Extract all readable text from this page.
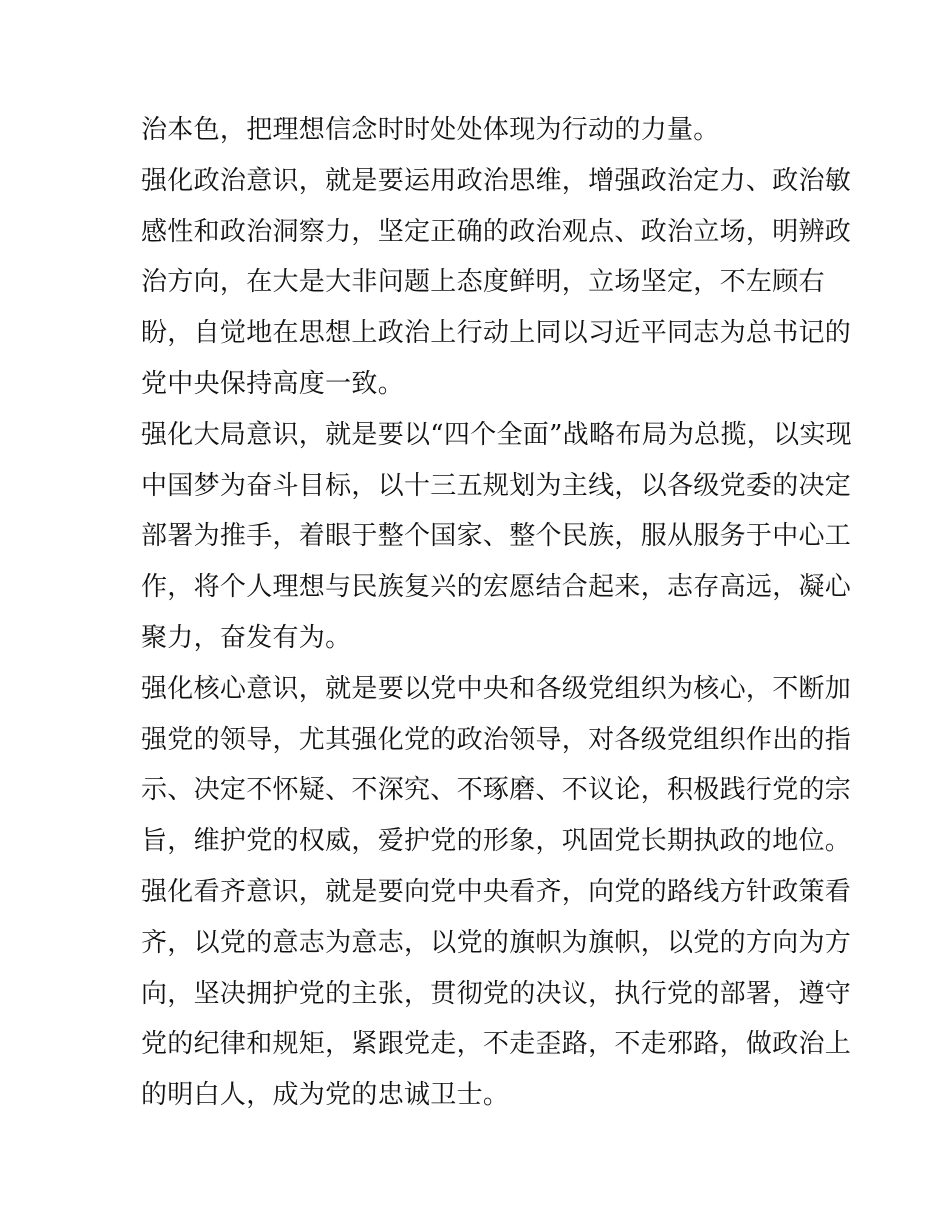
治本色，把理想信念时时处处体现为行动的力量。
强化政治意识，就是要运用政治思维，增强政治定力、政治敏
感性和政治洞察力，坚定正确的政治观点、政治立场，明辨政
治方向，在大是大非问题上态度鲜明，立场坚定，不左顾右
盼，自觉地在思想上政治上行动上同以习近平同志为总书记的
党中央保持高度一致。
强化大局意识，就是要以“四个全面”战略布局为总揽，以实现
中国梦为奋斗目标，以十三五规划为主线，以各级党委的决定
部署为推手，着眼于整个国家、整个民族，服从服务于中心工
作，将个人理想与民族复兴的宏愿结合起来，志存高远，凝心
聚力，奋发有为。
强化核心意识，就是要以党中央和各级党组织为核心，不断加
强党的领导，尤其强化党的政治领导，对各级党组织作出的指
示、决定不怀疑、不深究、不琢磨、不议论，积极践行党的宗
旨，维护党的权威，爱护党的形象，巩固党长期执政的地位。
强化看齐意识，就是要向党中央看齐，向党的路线方针政策看
齐，以党的意志为意志，以党的旗帜为旗帜，以党的方向为方
向，坚决拥护党的主张，贯彻党的决议，执行党的部署，遵守
党的纪律和规矩，紧跟党走，不走歪路，不走邪路，做政治上
的明白人，成为党的忠诚卫士。
